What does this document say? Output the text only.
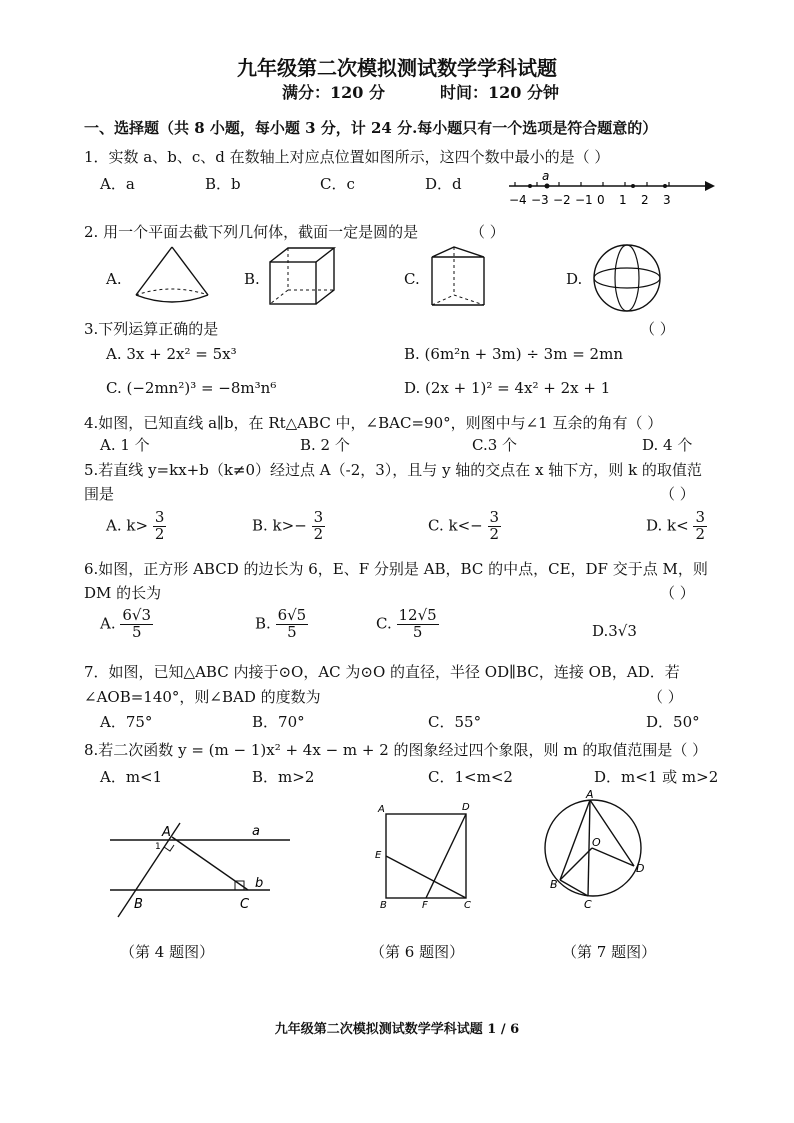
九年级第二次模拟测试数学学科试题
满分：120 分	时间：120 分钟
一、选择题（共 8 小题，每小题 3 分，计 24 分.每小题只有一个选项是符合题意的）
1．实数 a、b、c、d 在数轴上对应点位置如图所示，这四个数中最小的是（ ）
A．a	B．b	C．c	D．d
−4 −3 −2 −1 0 1 2 3
a
2. 用一个平面去截下列几何体，截面一定是圆的是	（ ）
A.	B.	C.	D.
3.下列运算正确的是	（ ）
A. 3x + 2x² = 5x³	B. (6m²n + 3m) ÷ 3m = 2mn
C. (−2mn²)³ = −8m³n⁶	D. (2x + 1)² = 4x² + 2x + 1
4.如图，已知直线 a∥b，在 Rt△ABC 中，∠BAC=90°，则图中与∠1 互余的角有（ ）
A. 1 个	B. 2 个	C.3 个	D. 4 个
5.若直线 y=kx+b（k≠0）经过点 A（-2，3），且与 y 轴的交点在 x 轴下方，则 k 的取值范
围是	（ ）
A. $k> \frac{3}{2}$	B. $k>- \frac{3}{2}$	C. $k<- \frac{3}{2}$	D. $k< \frac{3}{2}$
6.如图，正方形 ABCD 的边长为 6，E、F 分别是 AB，BC 的中点，CE，DF 交于点 M，则
DM 的长为	（ ）
A. $\frac{6√3}{5}$	B. $\frac{6√5}{5}$	C. $\frac{12√5}{5}$	D.3√3
7．如图，已知△ABC 内接于⊙O，AC 为⊙O 的直径，半径 OD∥BC，连接 OB，AD．若
∠AOB=140°，则∠BAD 的度数为	（ ）
A．75°	B．70°	C．55°	D．50°
8.若二次函数 y = (m − 1)x² + 4x − m + 2 的图象经过四个象限，则 m 的取值范围是（ ）
A．m<1	B．m>2	C．1<m<2	D．m<1 或 m>2
A	a
b
B	C
1
（第 4 题图）
A	D
E
B	F	C
（第 6 题图）
A
O
D
B
C
（第 7 题图）
九年级第二次模拟测试数学学科试题 1 / 6
